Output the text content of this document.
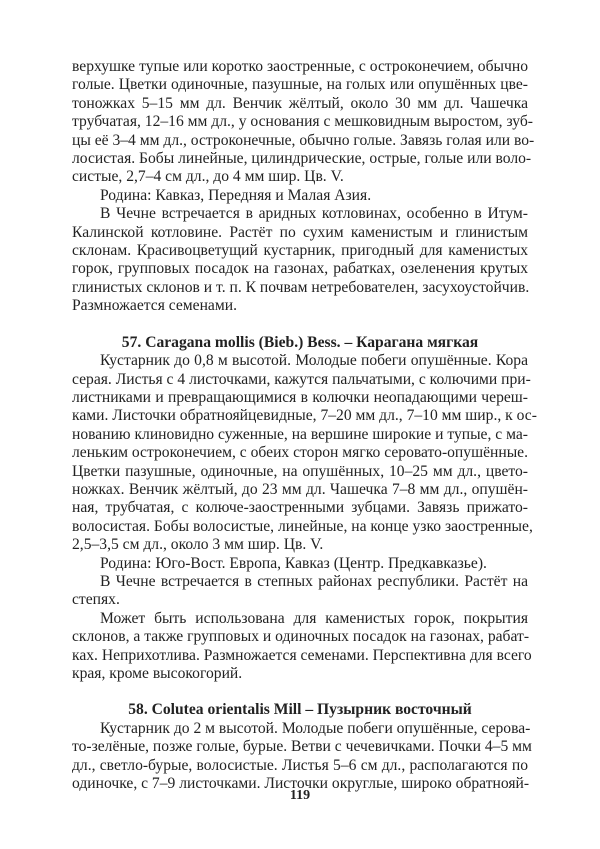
верхушке тупые или коротко заостренные, с остроконечием, обычно
голые. Цветки одиночные, пазушные, на голых или опушённых цве-
тоножках 5–15 мм дл. Венчик жёлтый, около 30 мм дл. Чашечка
трубчатая, 12–16 мм дл., у основания с мешковидным выростом, зуб-
цы её 3–4 мм дл., остроконечные, обычно голые. Завязь голая или во-
лосистая. Бобы линейные, цилиндрические, острые, голые или воло-
систые, 2,7–4 см дл., до 4 мм шир. Цв. V.
Родина: Кавказ, Передняя и Малая Азия.
В Чечне встречается в аридных котловинах, особенно в Итум-
Калинской котловине. Растёт по сухим каменистым и глинистым
склонам. Красивоцветущий кустарник, пригодный для каменистых
горок, групповых посадок на газонах, рабатках, озеленения крутых
глинистых склонов и т. п. К почвам нетребователен, засухоустойчив.
Размножается семенами.
57. Caragana mollis (Bieb.) Bess. – Карагана мягкая
Кустарник до 0,8 м высотой. Молодые побеги опушённые. Кора
серая. Листья с 4 листочками, кажутся пальчатыми, с колючими при-
листниками и превращающимися в колючки неопадающими череш-
ками. Листочки обратнояйцевидные, 7–20 мм дл., 7–10 мм шир., к ос-
нованию клиновидно суженные, на вершине широкие и тупые, с ма-
леньким остроконечием, с обеих сторон мягко серовато-опушённые.
Цветки пазушные, одиночные, на опушённых, 10–25 мм дл., цвето-
ножках. Венчик жёлтый, до 23 мм дл. Чашечка 7–8 мм дл., опушён-
ная, трубчатая, с колюче-заостренными зубцами. Завязь прижато-
волосистая. Бобы волосистые, линейные, на конце узко заостренные,
2,5–3,5 см дл., около 3 мм шир. Цв. V.
Родина: Юго-Вост. Европа, Кавказ (Центр. Предкавказье).
В Чечне встречается в степных районах республики. Растёт на
степях.
Может быть использована для каменистых горок, покрытия
склонов, а также групповых и одиночных посадок на газонах, рабат-
ках. Неприхотлива. Размножается семенами. Перспективна для всего
края, кроме высокогорий.
58. Colutea orientalis Mill – Пузырник восточный
Кустарник до 2 м высотой. Молодые побеги опушённые, серова-
то-зелёные, позже голые, бурые. Ветви с чечевичками. Почки 4–5 мм
дл., светло-бурые, волосистые. Листья 5–6 см дл., располагаются по
одиночке, с 7–9 листочками. Листочки округлые, широко обратнояй-
119
